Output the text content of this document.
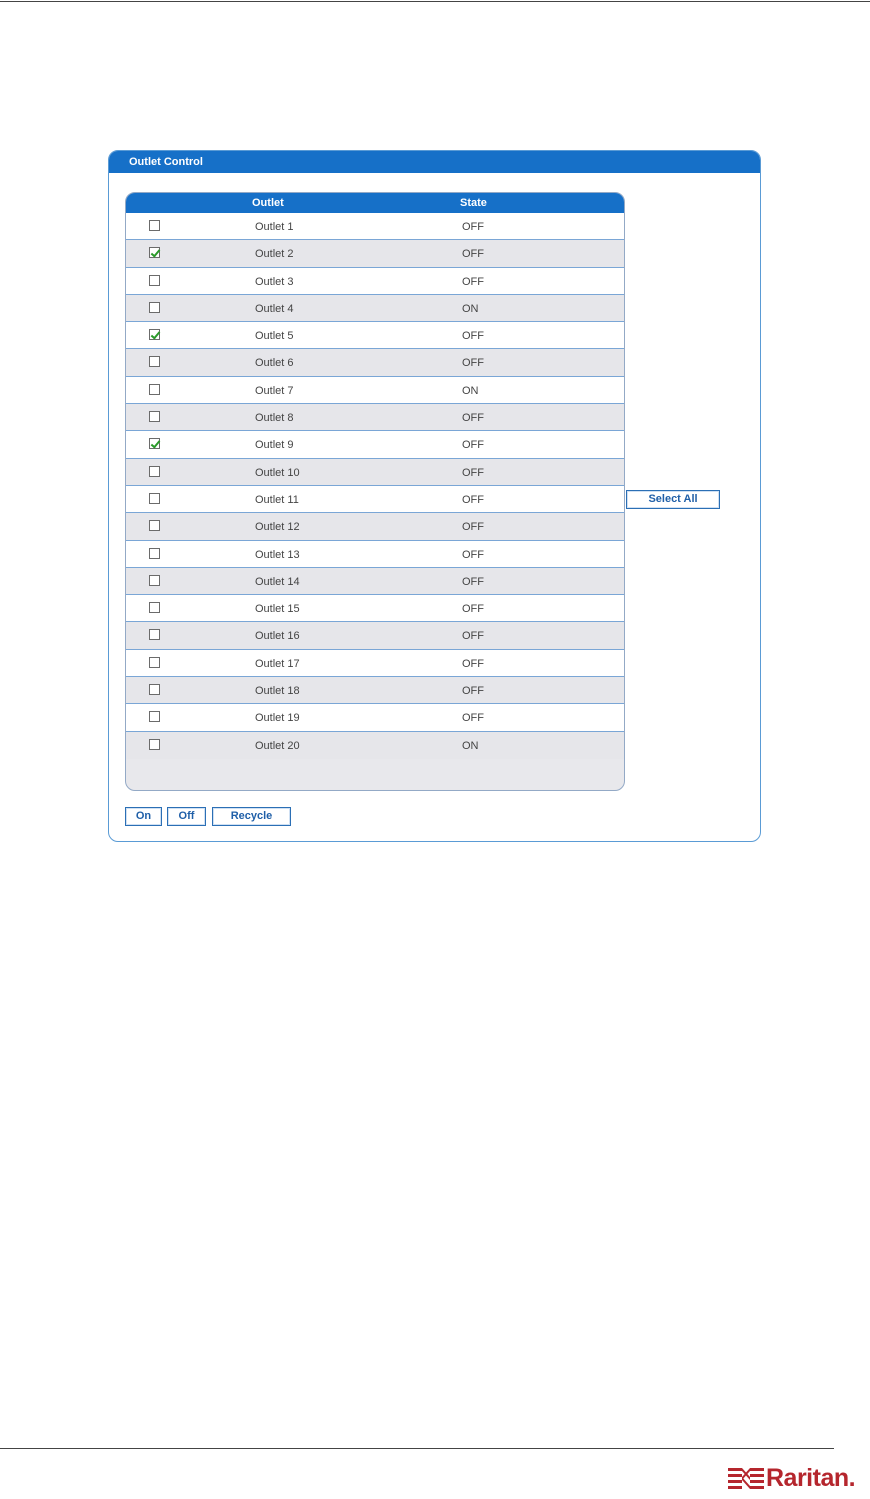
Outlet Control
Outlet	State
Outlet 1	OFF
Outlet 2	OFF
Outlet 3	OFF
Outlet 4	ON
Outlet 5	OFF
Outlet 6	OFF
Outlet 7	ON
Outlet 8	OFF
Outlet 9	OFF
Outlet 10	OFF
Outlet 11	OFF
Outlet 12	OFF
Outlet 13	OFF
Outlet 14	OFF
Outlet 15	OFF
Outlet 16	OFF
Outlet 17	OFF
Outlet 18	OFF
Outlet 19	OFF
Outlet 20	ON
Select All
On	Off	Recycle
Raritan.
